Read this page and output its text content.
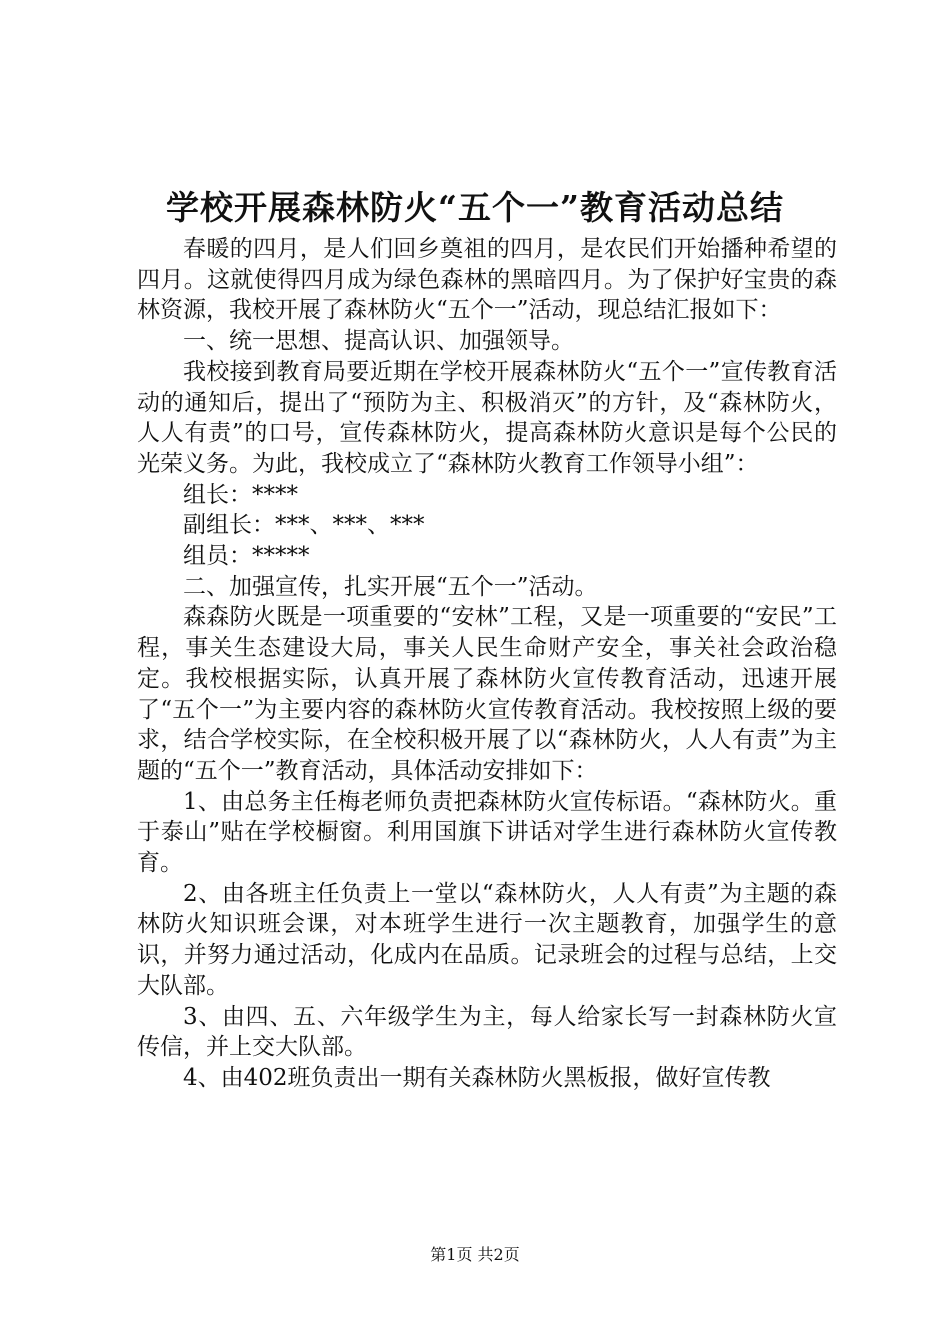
学校开展森林防火“五个一”教育活动总结

春暖的四月，是人们回乡奠祖的四月，是农民们开始播种希望的四月。这就使得四月成为绿色森林的黑暗四月。为了保护好宝贵的森林资源，我校开展了森林防火“五个一”活动，现总结汇报如下：

一、统一思想、提高认识、加强领导。

我校接到教育局要近期在学校开展森林防火“五个一”宣传教育活动的通知后，提出了“预防为主、积极消灭”的方针，及“森林防火，人人有责”的口号，宣传森林防火，提高森林防火意识是每个公民的光荣义务。为此，我校成立了“森林防火教育工作领导小组”：

组长：****

副组长：***、***、***

组员：*****

二、加强宣传，扎实开展“五个一”活动。

森森防火既是一项重要的“安林”工程，又是一项重要的“安民”工程，事关生态建设大局，事关人民生命财产安全，事关社会政治稳定。我校根据实际，认真开展了森林防火宣传教育活动，迅速开展了“五个一”为主要内容的森林防火宣传教育活动。我校按照上级的要求，结合学校实际，在全校积极开展了以“森林防火，人人有责”为主题的“五个一”教育活动，具体活动安排如下：

1、由总务主任梅老师负责把森林防火宣传标语。“森林防火。重于泰山”贴在学校橱窗。利用国旗下讲话对学生进行森林防火宣传教育。

2、由各班主任负责上一堂以“森林防火，人人有责”为主题的森林防火知识班会课，对本班学生进行一次主题教育，加强学生的意识，并努力通过活动，化成内在品质。记录班会的过程与总结，上交大队部。

3、由四、五、六年级学生为主，每人给家长写一封森林防火宣传信，并上交大队部。

4、由402班负责出一期有关森林防火黑板报，做好宣传教

第1页 共2页
